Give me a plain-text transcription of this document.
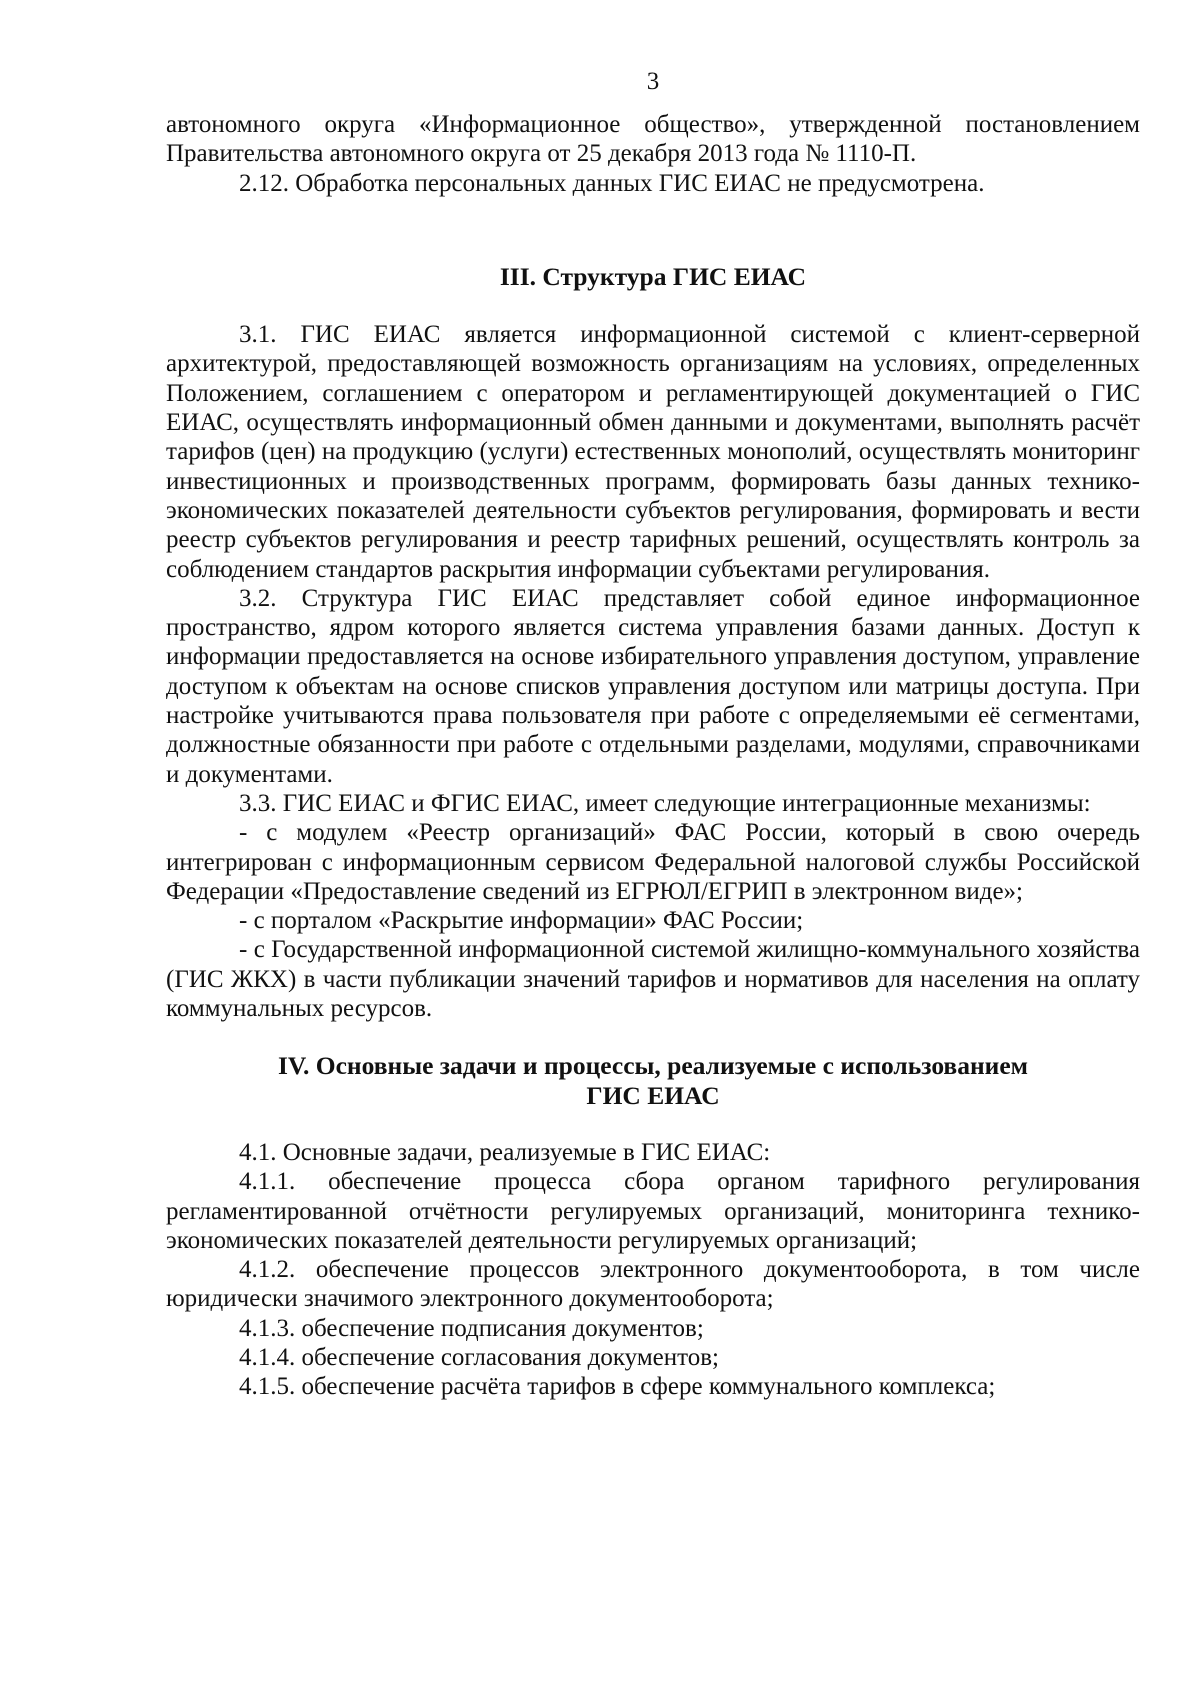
3

автономного округа «Информационное общество», утвержденной постановлением Правительства автономного округа от 25 декабря 2013 года № 1110-П.

2.12. Обработка персональных данных ГИС ЕИАС не предусмотрена.

III. Структура ГИС ЕИАС

3.1. ГИС ЕИАС является информационной системой с клиент-серверной архитектурой, предоставляющей возможность организациям на условиях, определенных Положением, соглашением с оператором и регламентирующей документацией о ГИС ЕИАС, осуществлять информационный обмен данными и документами, выполнять расчёт тарифов (цен) на продукцию (услуги) естественных монополий, осуществлять мониторинг инвестиционных и производственных программ, формировать базы данных технико-экономических показателей деятельности субъектов регулирования, формировать и вести реестр субъектов регулирования и реестр тарифных решений, осуществлять контроль за соблюдением стандартов раскрытия информации субъектами регулирования.

3.2. Структура ГИС ЕИАС представляет собой единое информационное пространство, ядром которого является система управления базами данных. Доступ к информации предоставляется на основе избирательного управления доступом, управление доступом к объектам на основе списков управления доступом или матрицы доступа. При настройке учитываются права пользователя при работе с определяемыми её сегментами, должностные обязанности при работе с отдельными разделами, модулями, справочниками и документами.

3.3. ГИС ЕИАС и ФГИС ЕИАС, имеет следующие интеграционные механизмы:

- с модулем «Реестр организаций» ФАС России, который в свою очередь интегрирован с информационным сервисом Федеральной налоговой службы Российской Федерации «Предоставление сведений из ЕГРЮЛ/ЕГРИП в электронном виде»;

- с порталом «Раскрытие информации» ФАС России;

- с Государственной информационной системой жилищно-коммунального хозяйства (ГИС ЖКХ) в части публикации значений тарифов и нормативов для населения на оплату коммунальных ресурсов.

IV. Основные задачи и процессы, реализуемые с использованием

ГИС ЕИАС

4.1. Основные задачи, реализуемые в ГИС ЕИАС:

4.1.1. обеспечение процесса сбора органом тарифного регулирования регламентированной отчётности регулируемых организаций, мониторинга технико-экономических показателей деятельности регулируемых организаций;

4.1.2. обеспечение процессов электронного документооборота, в том числе юридически значимого электронного документооборота;

4.1.3. обеспечение подписания документов;

4.1.4. обеспечение согласования документов;

4.1.5. обеспечение расчёта тарифов в сфере коммунального комплекса;
